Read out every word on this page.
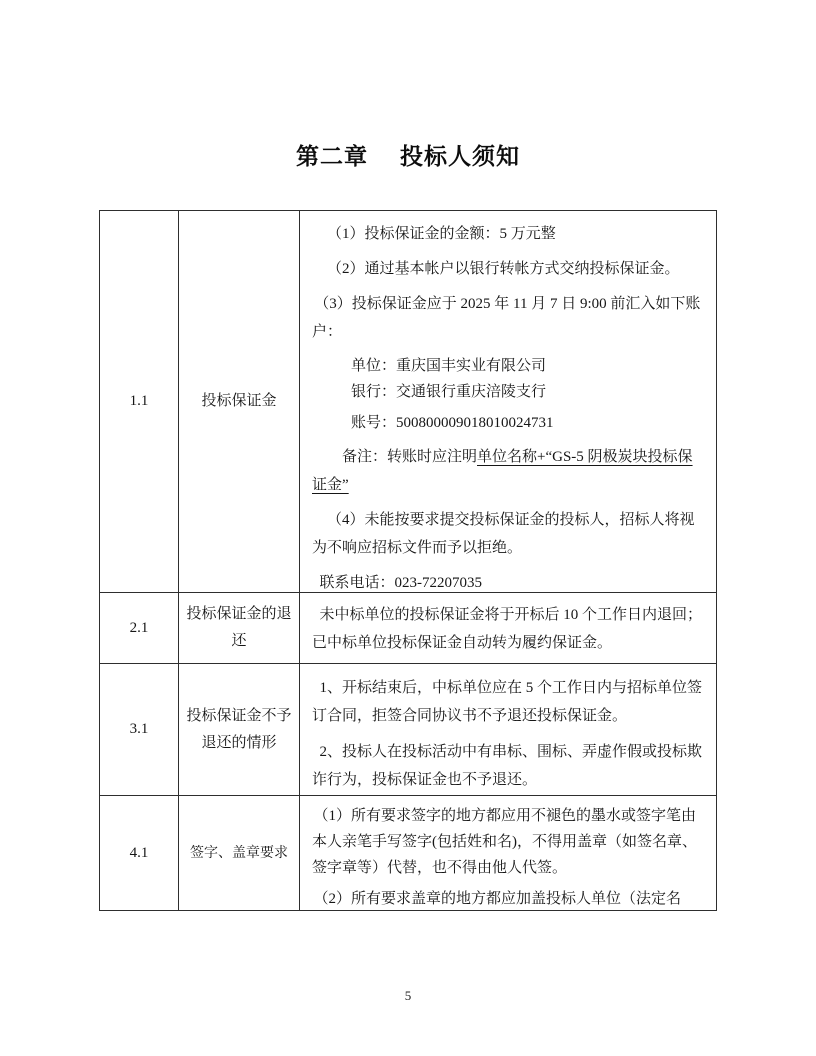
第二章 投标人须知
1.1	投标保证金	

（1）投标保证金的金额：5 万元整

（2）通过基本帐户以银行转帐方式交纳投标保证金。

（3）投标保证金应于 2025 年 11 月 7 日 9:00 前汇入如下账户：

单位：重庆国丰实业有限公司

银行：交通银行重庆涪陵支行

账号：500800009018010024731

备注：转账时应注明单位名称+“GS-5 阴极炭块投标保证金”

（4）未能按要求提交投标保证金的投标人，招标人将视为不响应招标文件而予以拒绝。

联系电话：023-72207035

2.1	投标保证金的退还	未中标单位的投标保证金将于开标后 10 个工作日内退回；已中标单位投标保证金自动转为履约保证金。

3.1	投标保证金不予退还的情形	1、开标结束后，中标单位应在 5 个工作日内与招标单位签订合同，拒签合同协议书不予退还投标保证金。

2、投标人在投标活动中有串标、围标、弄虚作假或投标欺诈行为，投标保证金也不予退还。

4.1	签字、盖章要求	（1）所有要求签字的地方都应用不褪色的墨水或签字笔由本人亲笔手写签字(包括姓和名)，不得用盖章（如签名章、签字章等）代替，也不得由他人代签。

（2）所有要求盖章的地方都应加盖投标人单位（法定名

5
